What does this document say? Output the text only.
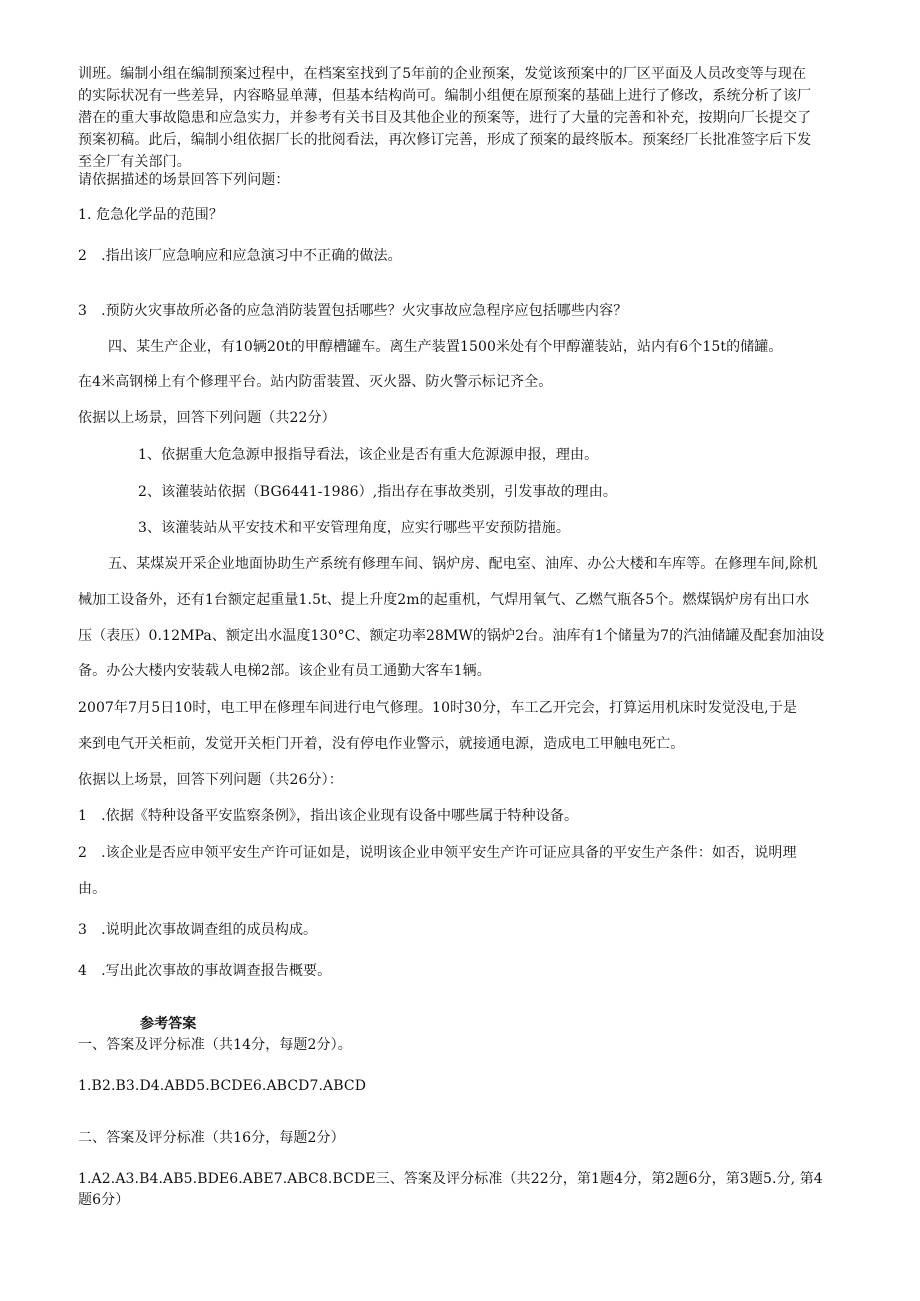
训班。编制小组在编制预案过程中，在档案室找到了5年前的企业预案，发觉该预案中的厂区平面及人员改变等与现在
的实际状况有一些差异，内容略显单薄，但基本结构尚可。编制小组便在原预案的基础上进行了修改，系统分析了该厂
潜在的重大事故隐患和应急实力，并参考有关书目及其他企业的预案等，进行了大量的完善和补充，按期向厂长提交了
预案初稿。此后，编制小组依据厂长的批阅看法，再次修订完善，形成了预案的最终版本。预案经厂长批准签字后下发
至全厂有关部门。
请依据描述的场景回答下列问题：
1. 危急化学品的范围？
2　.指出该厂应急响应和应急演习中不正确的做法。
3　.预防火灾事故所必备的应急消防装置包括哪些？火灾事故应急程序应包括哪些内容？
四、某生产企业，有10辆20t的甲醇槽罐车。离生产装置1500米处有个甲醇灌装站，站内有6个15t的储罐。
在4米高钢梯上有个修理平台。站内防雷装置、灭火器、防火警示标记齐全。
依据以上场景，回答下列问题（共22分）
1、依据重大危急源申报指导看法，该企业是否有重大危源源申报，理由。
2、该灌装站依据（BG6441-1986）,指出存在事故类别，引发事故的理由。
3、该灌装站从平安技术和平安管理角度，应实行哪些平安预防措施。
五、某煤炭开采企业地面协助生产系统有修理车间、锅炉房、配电室、油库、办公大楼和车库等。在修理车间,除机
械加工设备外，还有1台额定起重量1.5t、提上升度2m的起重机，气焊用氧气、乙燃气瓶各5个。燃煤锅炉房有出口水
压（表压）0.12MPa、额定出水温度130°C、额定功率28MW的锅炉2台。油库有1个储量为7的汽油储罐及配套加油设
备。办公大楼内安装载人电梯2部。该企业有员工通勤大客车1辆。
2007年7月5日10时，电工甲在修理车间进行电气修理。10时30分，车工乙开完会，打算运用机床时发觉没电,于是
来到电气开关柜前，发觉开关柜门开着，没有停电作业警示，就接通电源，造成电工甲触电死亡。
依据以上场景，回答下列问题（共26分）：
1　.依据《特种设备平安监察条例》，指出该企业现有设备中哪些属于特种设备。
2　.该企业是否应申领平安生产许可证如是，说明该企业申领平安生产许可证应具备的平安生产条件：如否，说明理
由。
3　.说明此次事故调查组的成员构成。
4　.写出此次事故的事故调查报告概要。
参考答案
一、答案及评分标准（共14分，每题2分）。
1.B2.B3.D4.ABD5.BCDE6.ABCD7.ABCD
二、答案及评分标准（共16分，每题2分）
1.A2.A3.B4.AB5.BDE6.ABE7.ABC8.BCDE三、答案及评分标准（共22分，第1题4分，第2题6分，第3题5.分, 第4
题6分）
